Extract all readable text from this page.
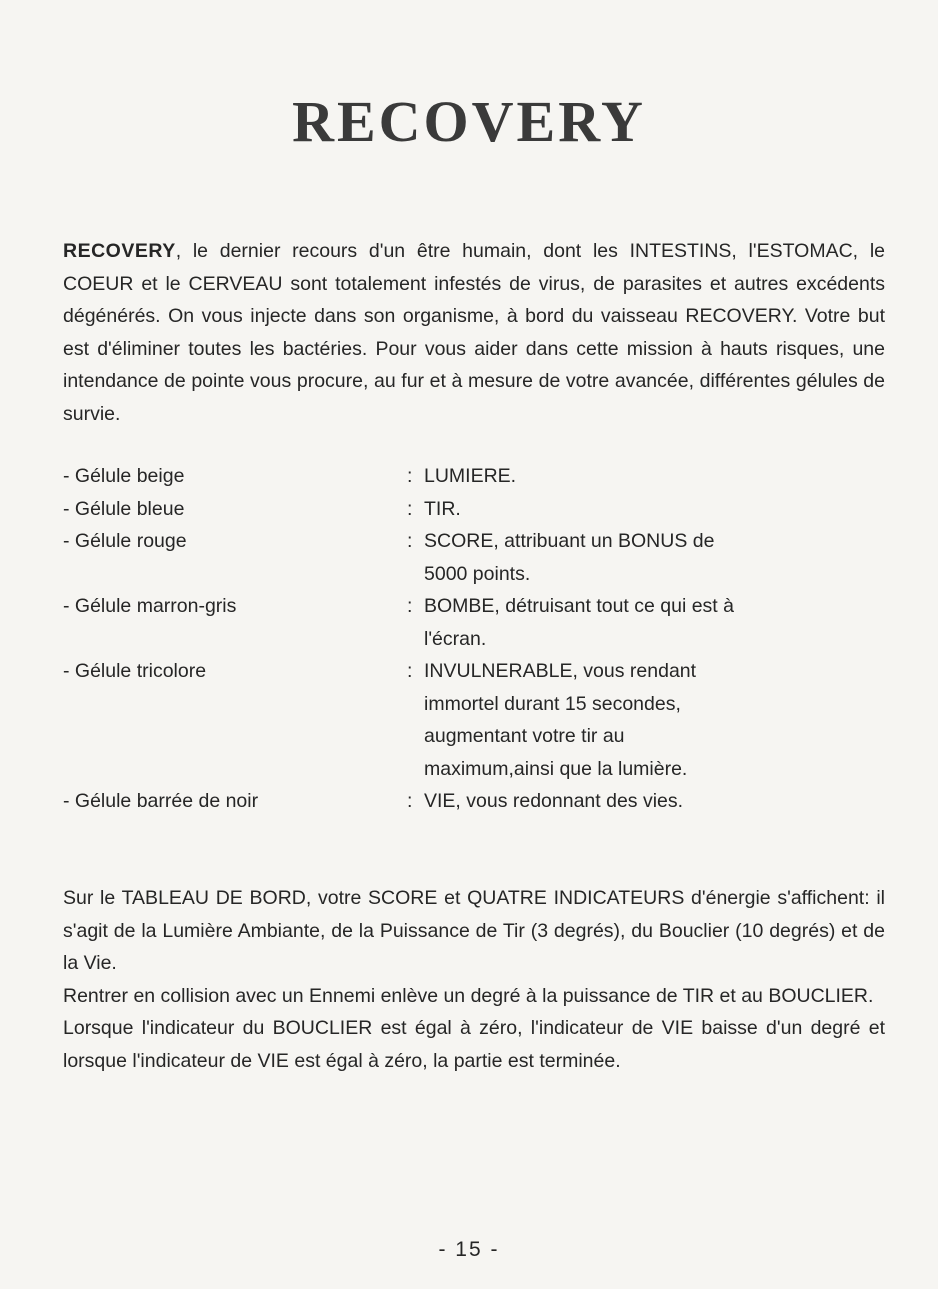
RECOVERY
RECOVERY, le dernier recours d'un être humain, dont les INTESTINS, l'ESTOMAC, le COEUR et le CERVEAU sont totalement infestés de virus, de parasites et autres excédents dégénérés. On vous injecte dans son organisme, à bord du vaisseau RECOVERY. Votre but est d'éliminer toutes les bactéries. Pour vous aider dans cette mission à hauts risques, une intendance de pointe vous procure, au fur et à mesure de votre avancée, différentes gélules de survie.
- Gélule beige	: LUMIERE.
- Gélule bleue	: TIR.
- Gélule rouge	: SCORE, attribuant un BONUS de 5000 points.
- Gélule marron-gris	: BOMBE, détruisant tout ce qui est à l'écran.
- Gélule tricolore	: INVULNERABLE, vous rendant immortel durant 15 secondes, augmentant votre tir au maximum,ainsi que la lumière.
- Gélule barrée de noir	: VIE, vous redonnant des vies.
Sur le TABLEAU DE BORD, votre SCORE et QUATRE INDICATEURS d'énergie s'affichent: il s'agit de la Lumière Ambiante, de la Puissance de Tir (3 degrés), du Bouclier (10 degrés) et de la Vie.
Rentrer en collision avec un Ennemi enlève un degré à la puissance de TIR et au BOUCLIER.
Lorsque l'indicateur du BOUCLIER est égal à zéro, l'indicateur de VIE baisse d'un degré et lorsque l'indicateur de VIE est égal à zéro, la partie est terminée.
- 15 -
